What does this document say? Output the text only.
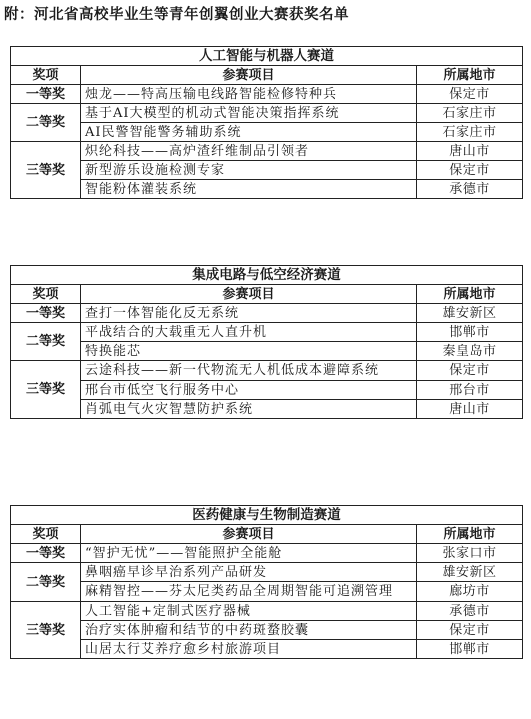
附：河北省高校毕业生等青年创翼创业大赛获奖名单
人工智能与机器人赛道		
奖项	参赛项目	所属地市
一等奖	烛龙——特高压输电线路智能检修特种兵	保定市
二等奖	基于AI大模型的机动式智能决策指挥系统	石家庄市
	AI民警智能警务辅助系统	石家庄市
三等奖	炽纶科技——高炉渣纤维制品引领者	唐山市
	新型游乐设施检测专家	保定市
	智能粉体灌装系统	承德市
集成电路与低空经济赛道		
奖项	参赛项目	所属地市
一等奖	查打一体智能化反无系统	雄安新区
二等奖	平战结合的大载重无人直升机	邯郸市
	特换能芯	秦皇岛市
三等奖	云途科技——新一代物流无人机低成本避障系统	保定市
	邢台市低空飞行服务中心	邢台市
	肖弧电气火灾智慧防护系统	唐山市
医药健康与生物制造赛道		
奖项	参赛项目	所属地市
一等奖	“智护无忧”——智能照护全能舱	张家口市
二等奖	鼻咽癌早诊早治系列产品研发	雄安新区
	麻精智控——芬太尼类药品全周期智能可追溯管理	廊坊市
三等奖	人工智能+定制式医疗器械	承德市
	治疗实体肿瘤和结节的中药斑蝥胶囊	保定市
	山居太行艾养疗愈乡村旅游项目	邯郸市
